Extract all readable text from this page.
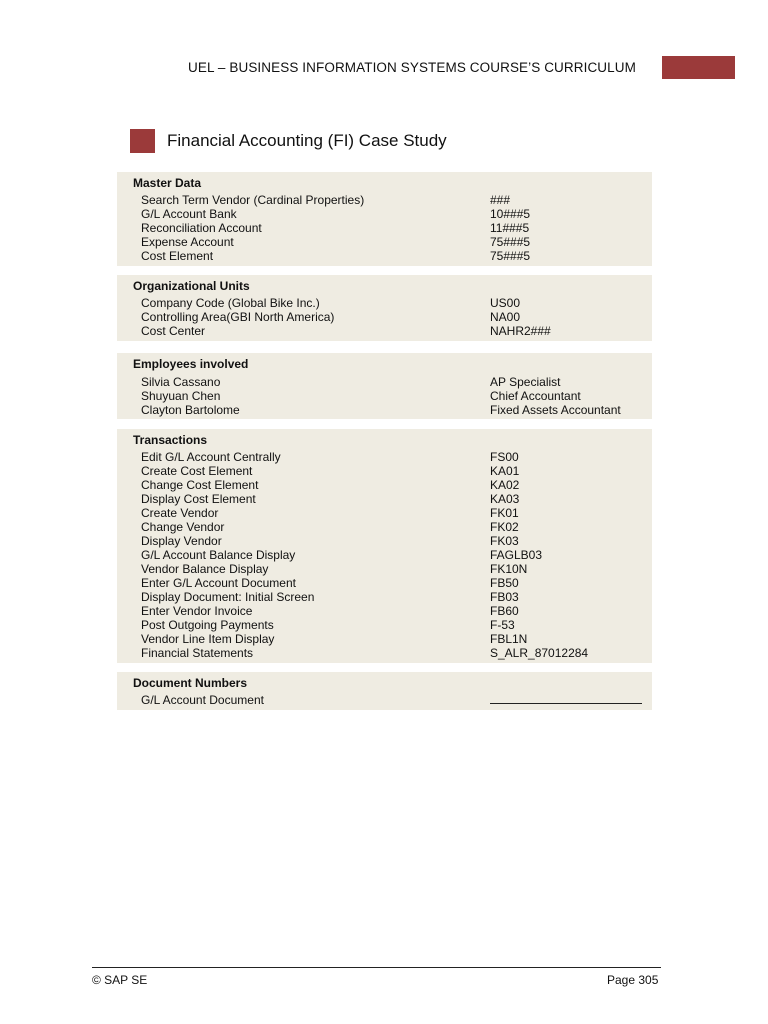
UEL – BUSINESS INFORMATION SYSTEMS COURSE’S CURRICULUM
Financial Accounting (FI) Case Study
Master Data
Search Term Vendor (Cardinal Properties)	###
G/L Account Bank	10###5
Reconciliation Account	11###5
Expense Account	75###5
Cost Element	75###5
Organizational Units
Company Code (Global Bike Inc.)	US00
Controlling Area(GBI North America)	NA00
Cost Center	NAHR2###
Employees involved
Silvia Cassano	AP Specialist
Shuyuan Chen	Chief Accountant
Clayton Bartolome	Fixed Assets Accountant
Transactions
Edit G/L Account Centrally	FS00
Create Cost Element	KA01
Change Cost Element	KA02
Display Cost Element	KA03
Create Vendor	FK01
Change Vendor	FK02
Display Vendor	FK03
G/L Account Balance Display	FAGLB03
Vendor Balance Display	FK10N
Enter G/L Account Document	FB50
Display Document: Initial Screen	FB03
Enter Vendor Invoice	FB60
Post Outgoing Payments	F-53
Vendor Line Item Display	FBL1N
Financial Statements	S_ALR_87012284
Document Numbers
G/L Account Document
© SAP SE	Page 305
